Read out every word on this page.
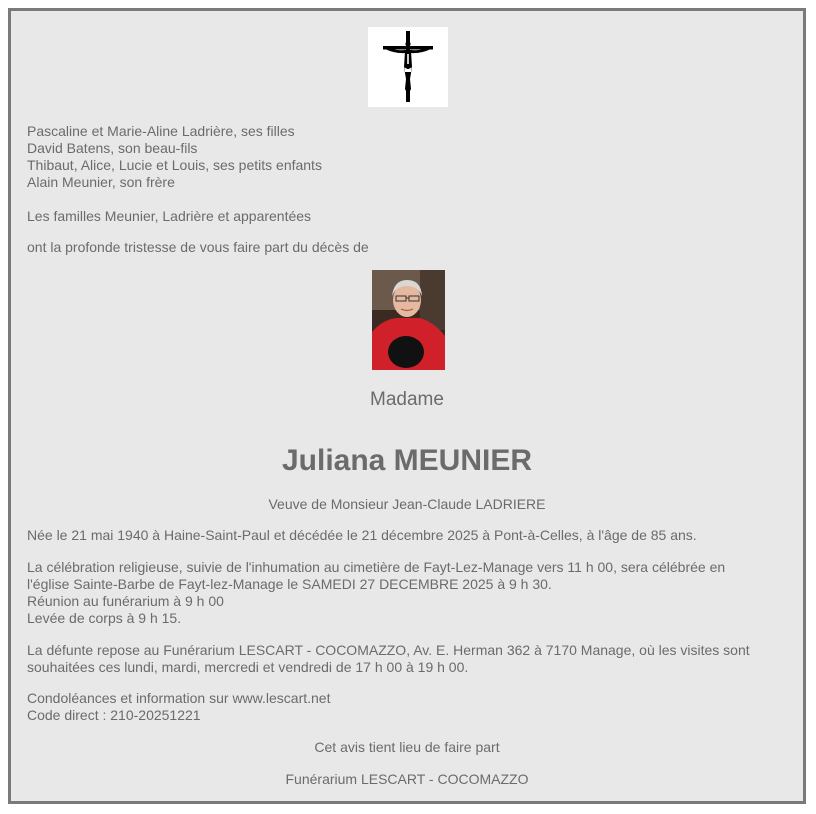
Pascaline et Marie-Aline Ladrière, ses filles
David Batens, son beau-fils
Thibaut, Alice, Lucie et Louis, ses petits enfants
Alain Meunier, son frère
Les familles Meunier, Ladrière et apparentées
ont la profonde tristesse de vous faire part du décès de
Madame
Juliana MEUNIER
Veuve de Monsieur Jean-Claude LADRIERE
Née le 21 mai 1940 à Haine-Saint-Paul et décédée le 21 décembre 2025 à Pont-à-Celles, à l'âge de 85 ans.
La célébration religieuse, suivie de l'inhumation au cimetière de Fayt-Lez-Manage vers 11 h 00, sera célébrée en
l'église Sainte-Barbe de Fayt-lez-Manage le SAMEDI 27 DECEMBRE 2025 à 9 h 30.
Réunion au funérarium à 9 h 00
Levée de corps à 9 h 15.
La défunte repose au Funérarium LESCART - COCOMAZZO, Av. E. Herman 362 à 7170 Manage, où les visites sont
souhaitées ces lundi, mardi, mercredi et vendredi de 17 h 00 à 19 h 00.
Condoléances et information sur www.lescart.net
Code direct : 210-20251221
Cet avis tient lieu de faire part
Funérarium LESCART - COCOMAZZO
